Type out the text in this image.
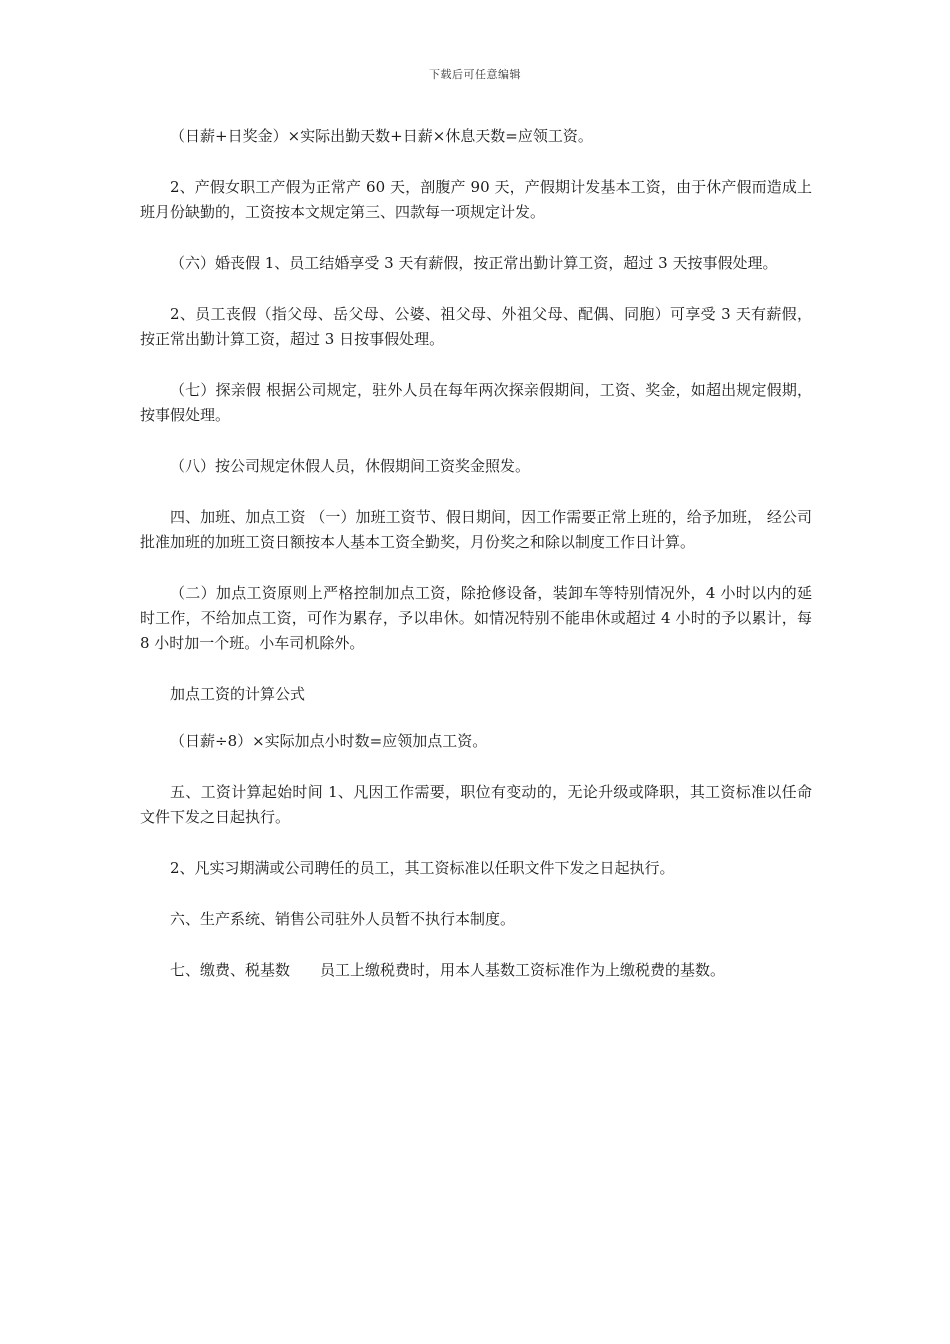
下载后可任意编辑

（日薪+日奖金）×实际出勤天数+日薪×休息天数=应领工资。

2、产假女职工产假为正常产 60 天，剖腹产 90 天，产假期计发基本工资，由于休产假而造成上班月份缺勤的，工资按本文规定第三、四款每一项规定计发。

（六）婚丧假 1、员工结婚享受 3 天有薪假，按正常出勤计算工资，超过 3 天按事假处理。

2、员工丧假（指父母、岳父母、公婆、祖父母、外祖父母、配偶、同胞）可享受 3 天有薪假，按正常出勤计算工资，超过 3 日按事假处理。

（七）探亲假 根据公司规定，驻外人员在每年两次探亲假期间，工资、奖金，如超出规定假期，按事假处理。

（八）按公司规定休假人员，休假期间工资奖金照发。

四、加班、加点工资 （一）加班工资节、假日期间，因工作需要正常上班的，给予加班， 经公司批准加班的加班工资日额按本人基本工资全勤奖，月份奖之和除以制度工作日计算。

（二）加点工资原则上严格控制加点工资，除抢修设备，装卸车等特别情况外，4 小时以内的延时工作，不给加点工资，可作为累存，予以串休。如情况特别不能串休或超过 4 小时的予以累计，每 8 小时加一个班。小车司机除外。

加点工资的计算公式

（日薪÷8）×实际加点小时数=应领加点工资。

五、工资计算起始时间 1、凡因工作需要，职位有变动的，无论升级或降职，其工资标准以任命文件下发之日起执行。

2、凡实习期满或公司聘任的员工，其工资标准以任职文件下发之日起执行。

六、生产系统、销售公司驻外人员暂不执行本制度。

七、缴费、税基数　　员工上缴税费时，用本人基数工资标准作为上缴税费的基数。
